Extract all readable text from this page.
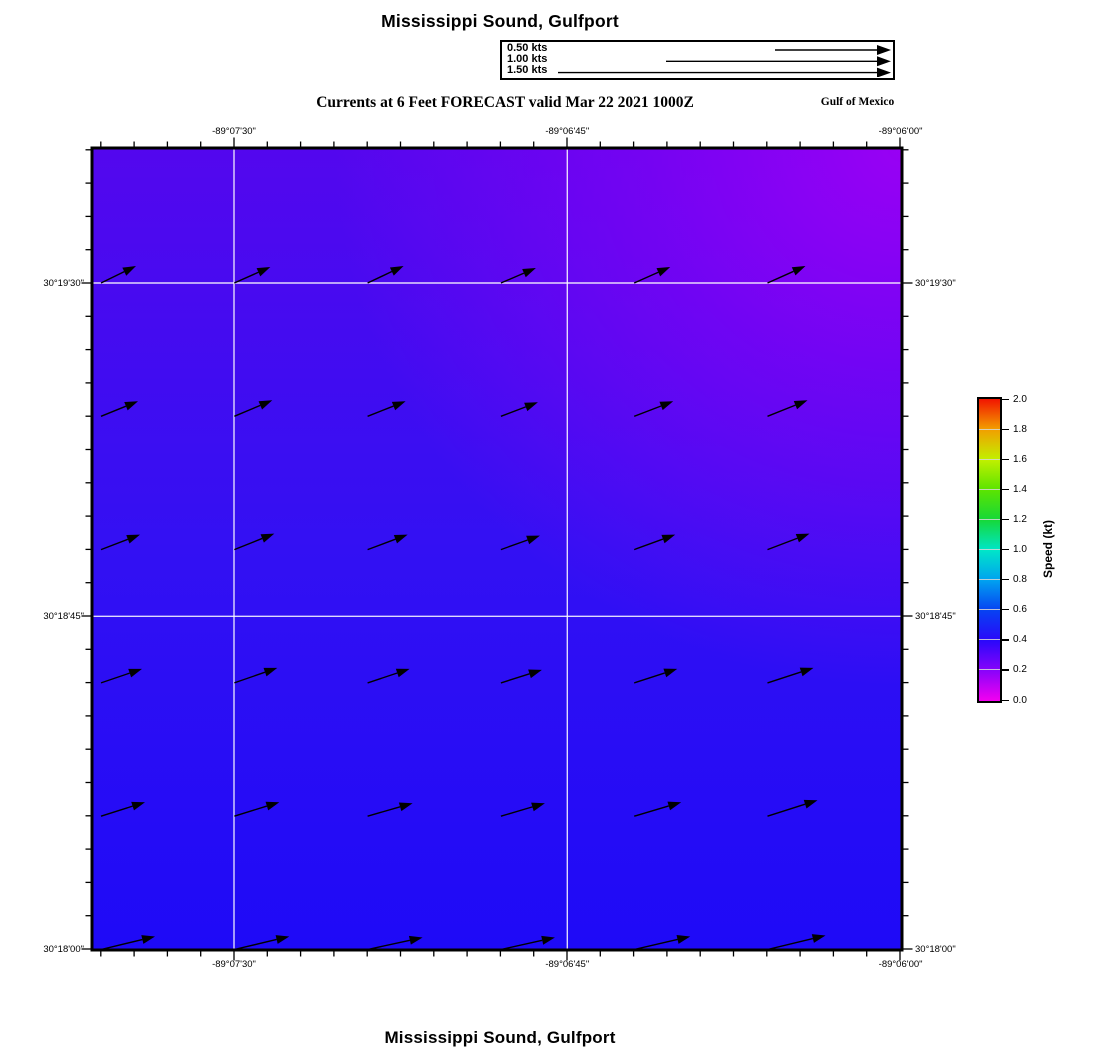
Mississippi Sound, Gulfport
0.50 kts
1.00 kts
1.50 kts
Currents at 6 Feet FORECAST valid Mar 22 2021 1000Z	Gulf of Mexico
-89°07'30"
-89°07'30"
-89°06'45"
-89°06'45"
-89°06'00"
-89°06'00"
30°19'30"	30°19'30"
30°18'45"	30°18'45"
30°18'00"	30°18'00"
2.0
1.8
1.6
1.4
1.2
1.0
0.8
0.6
0.4
0.2
0.0
Speed (kt)
Mississippi Sound, Gulfport
